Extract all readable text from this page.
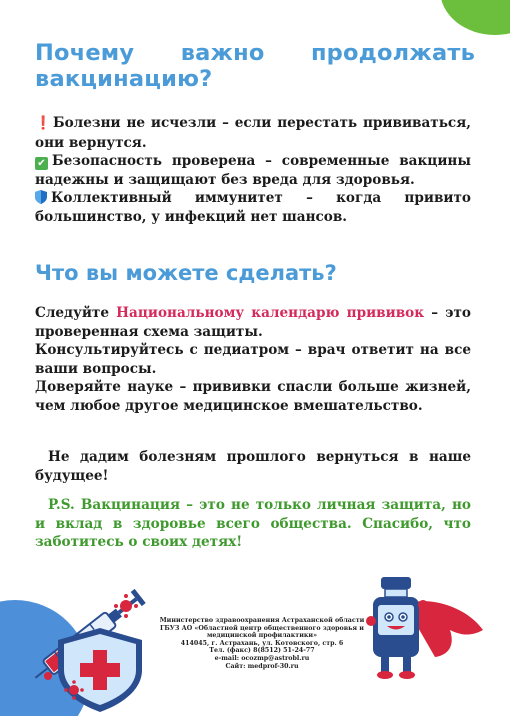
Почему важно продолжать
вакцинацию?

❗ Болезни не исчезли – если перестать прививаться, они вернутся.

✔ Безопасность проверена – современные вакцины надежны и защищают без вреда для здоровья.

Коллективный иммунитет – когда привито большинство, у инфекций нет шансов.

Что вы можете сделать?

Следуйте Национальному календарю прививок – это проверенная схема защиты.

Консультируйтесь с педиатром – врач ответит на все ваши вопросы.

Доверяйте науке – прививки спасли больше жизней, чем любое другое медицинское вмешательство.

Не дадим болезням прошлого вернуться в наше будущее!

P.S. Вакцинация – это не только личная защита, но и вклад в здоровье всего общества. Спасибо, что заботитесь о своих детях!

Министерство здравоохранения Астраханской области
ГБУЗ АО «Областной центр общественного здоровья и медицинской профилактики»
414045, г. Астрахань, ул. Котовского, стр. 6
Тел. (факс) 8(8512) 51-24-77
e-mail: ocozmp@astrobl.ru
Сайт: medprof-30.ru
